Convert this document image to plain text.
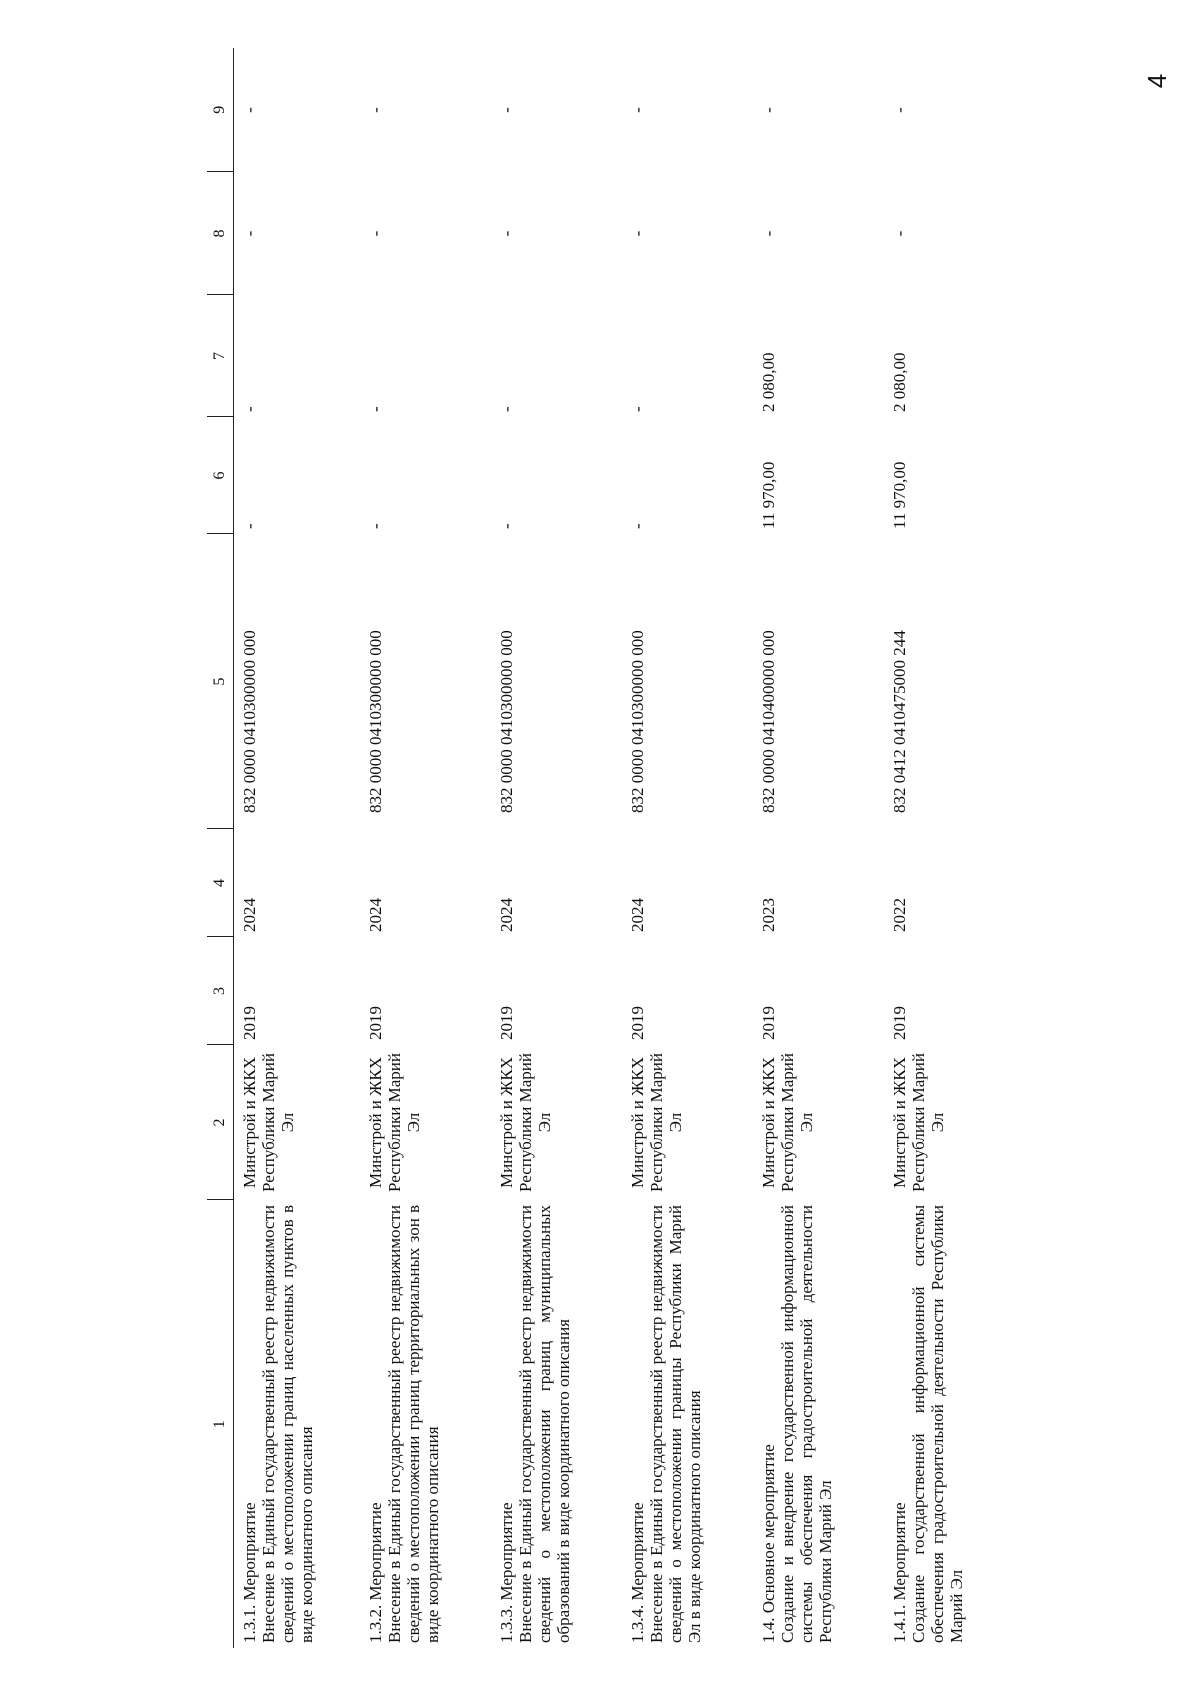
4
1	2	3	4	5	6	7	8	9

1.3.1. Мероприятие Внесение в Единый государственный реестр недвижимости сведений о местоположении границ населенных пунктов в виде координатного описания	Минстрой и ЖКХ Республики Марий Эл	2019	2024	832 0000 0410300000 000	-	-	-	-

1.3.2. Мероприятие Внесение в Единый государственный реестр недвижимости сведений о местоположении границ территориальных зон в виде координатного описания	Минстрой и ЖКХ Республики Марий Эл	2019	2024	832 0000 0410300000 000	-	-	-	-

1.3.3. Мероприятие Внесение в Единый государственный реестр недвижимости сведений о местоположении границ муниципальных образований в виде координатного описания	Минстрой и ЖКХ Республики Марий Эл	2019	2024	832 0000 0410300000 000	-	-	-	-

1.3.4. Мероприятие Внесение в Единый государственный реестр недвижимости сведений о местоположении границы Республики Марий Эл в виде координатного описания	Минстрой и ЖКХ Республики Марий Эл	2019	2024	832 0000 0410300000 000	-	-	-	-

1.4. Основное мероприятие Создание и внедрение государственной информационной системы обеспечения градостроительной деятельности Республики Марий Эл	Минстрой и ЖКХ Республики Марий Эл	2019	2023	832 0000 0410400000 000	11 970,00	2 080,00	-	-

1.4.1. Мероприятие Создание государственной информационной системы обеспечения градостроительной деятельности Республики Марий Эл	Минстрой и ЖКХ Республики Марий Эл	2019	2022	832 0412 0410475000 244	11 970,00	2 080,00	-	-
